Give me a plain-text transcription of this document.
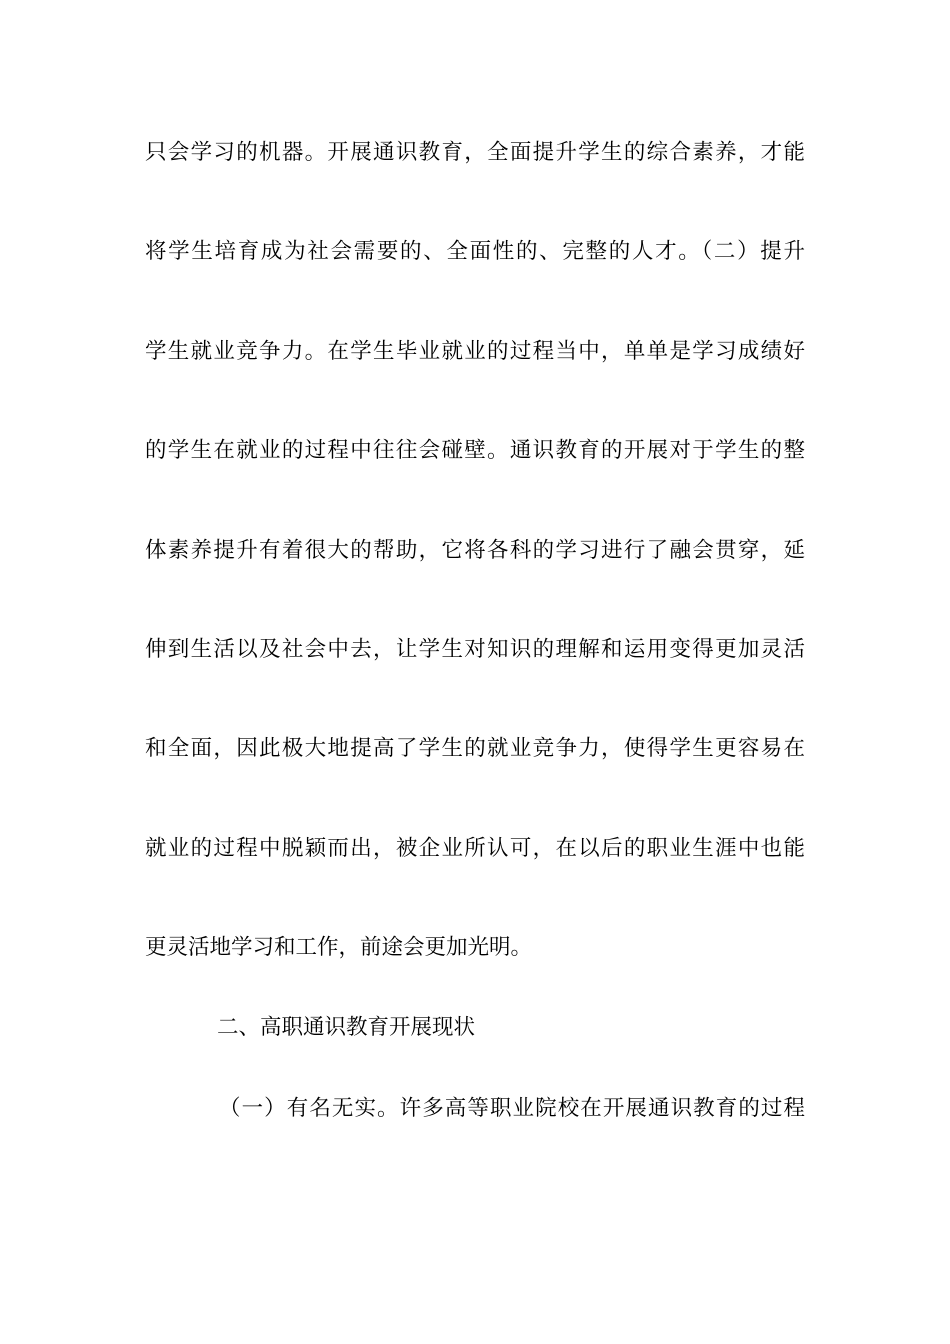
只会学习的机器。开展通识教育，全面提升学生的综合素养，才能
将学生培育成为社会需要的、全面性的、完整的人才。（二）提升
学生就业竞争力。在学生毕业就业的过程当中，单单是学习成绩好
的学生在就业的过程中往往会碰壁。通识教育的开展对于学生的整
体素养提升有着很大的帮助，它将各科的学习进行了融会贯穿，延
伸到生活以及社会中去，让学生对知识的理解和运用变得更加灵活
和全面，因此极大地提高了学生的就业竞争力，使得学生更容易在
就业的过程中脱颖而出，被企业所认可，在以后的职业生涯中也能
更灵活地学习和工作，前途会更加光明。
二、高职通识教育开展现状
（一）有名无实。许多高等职业院校在开展通识教育的过程
